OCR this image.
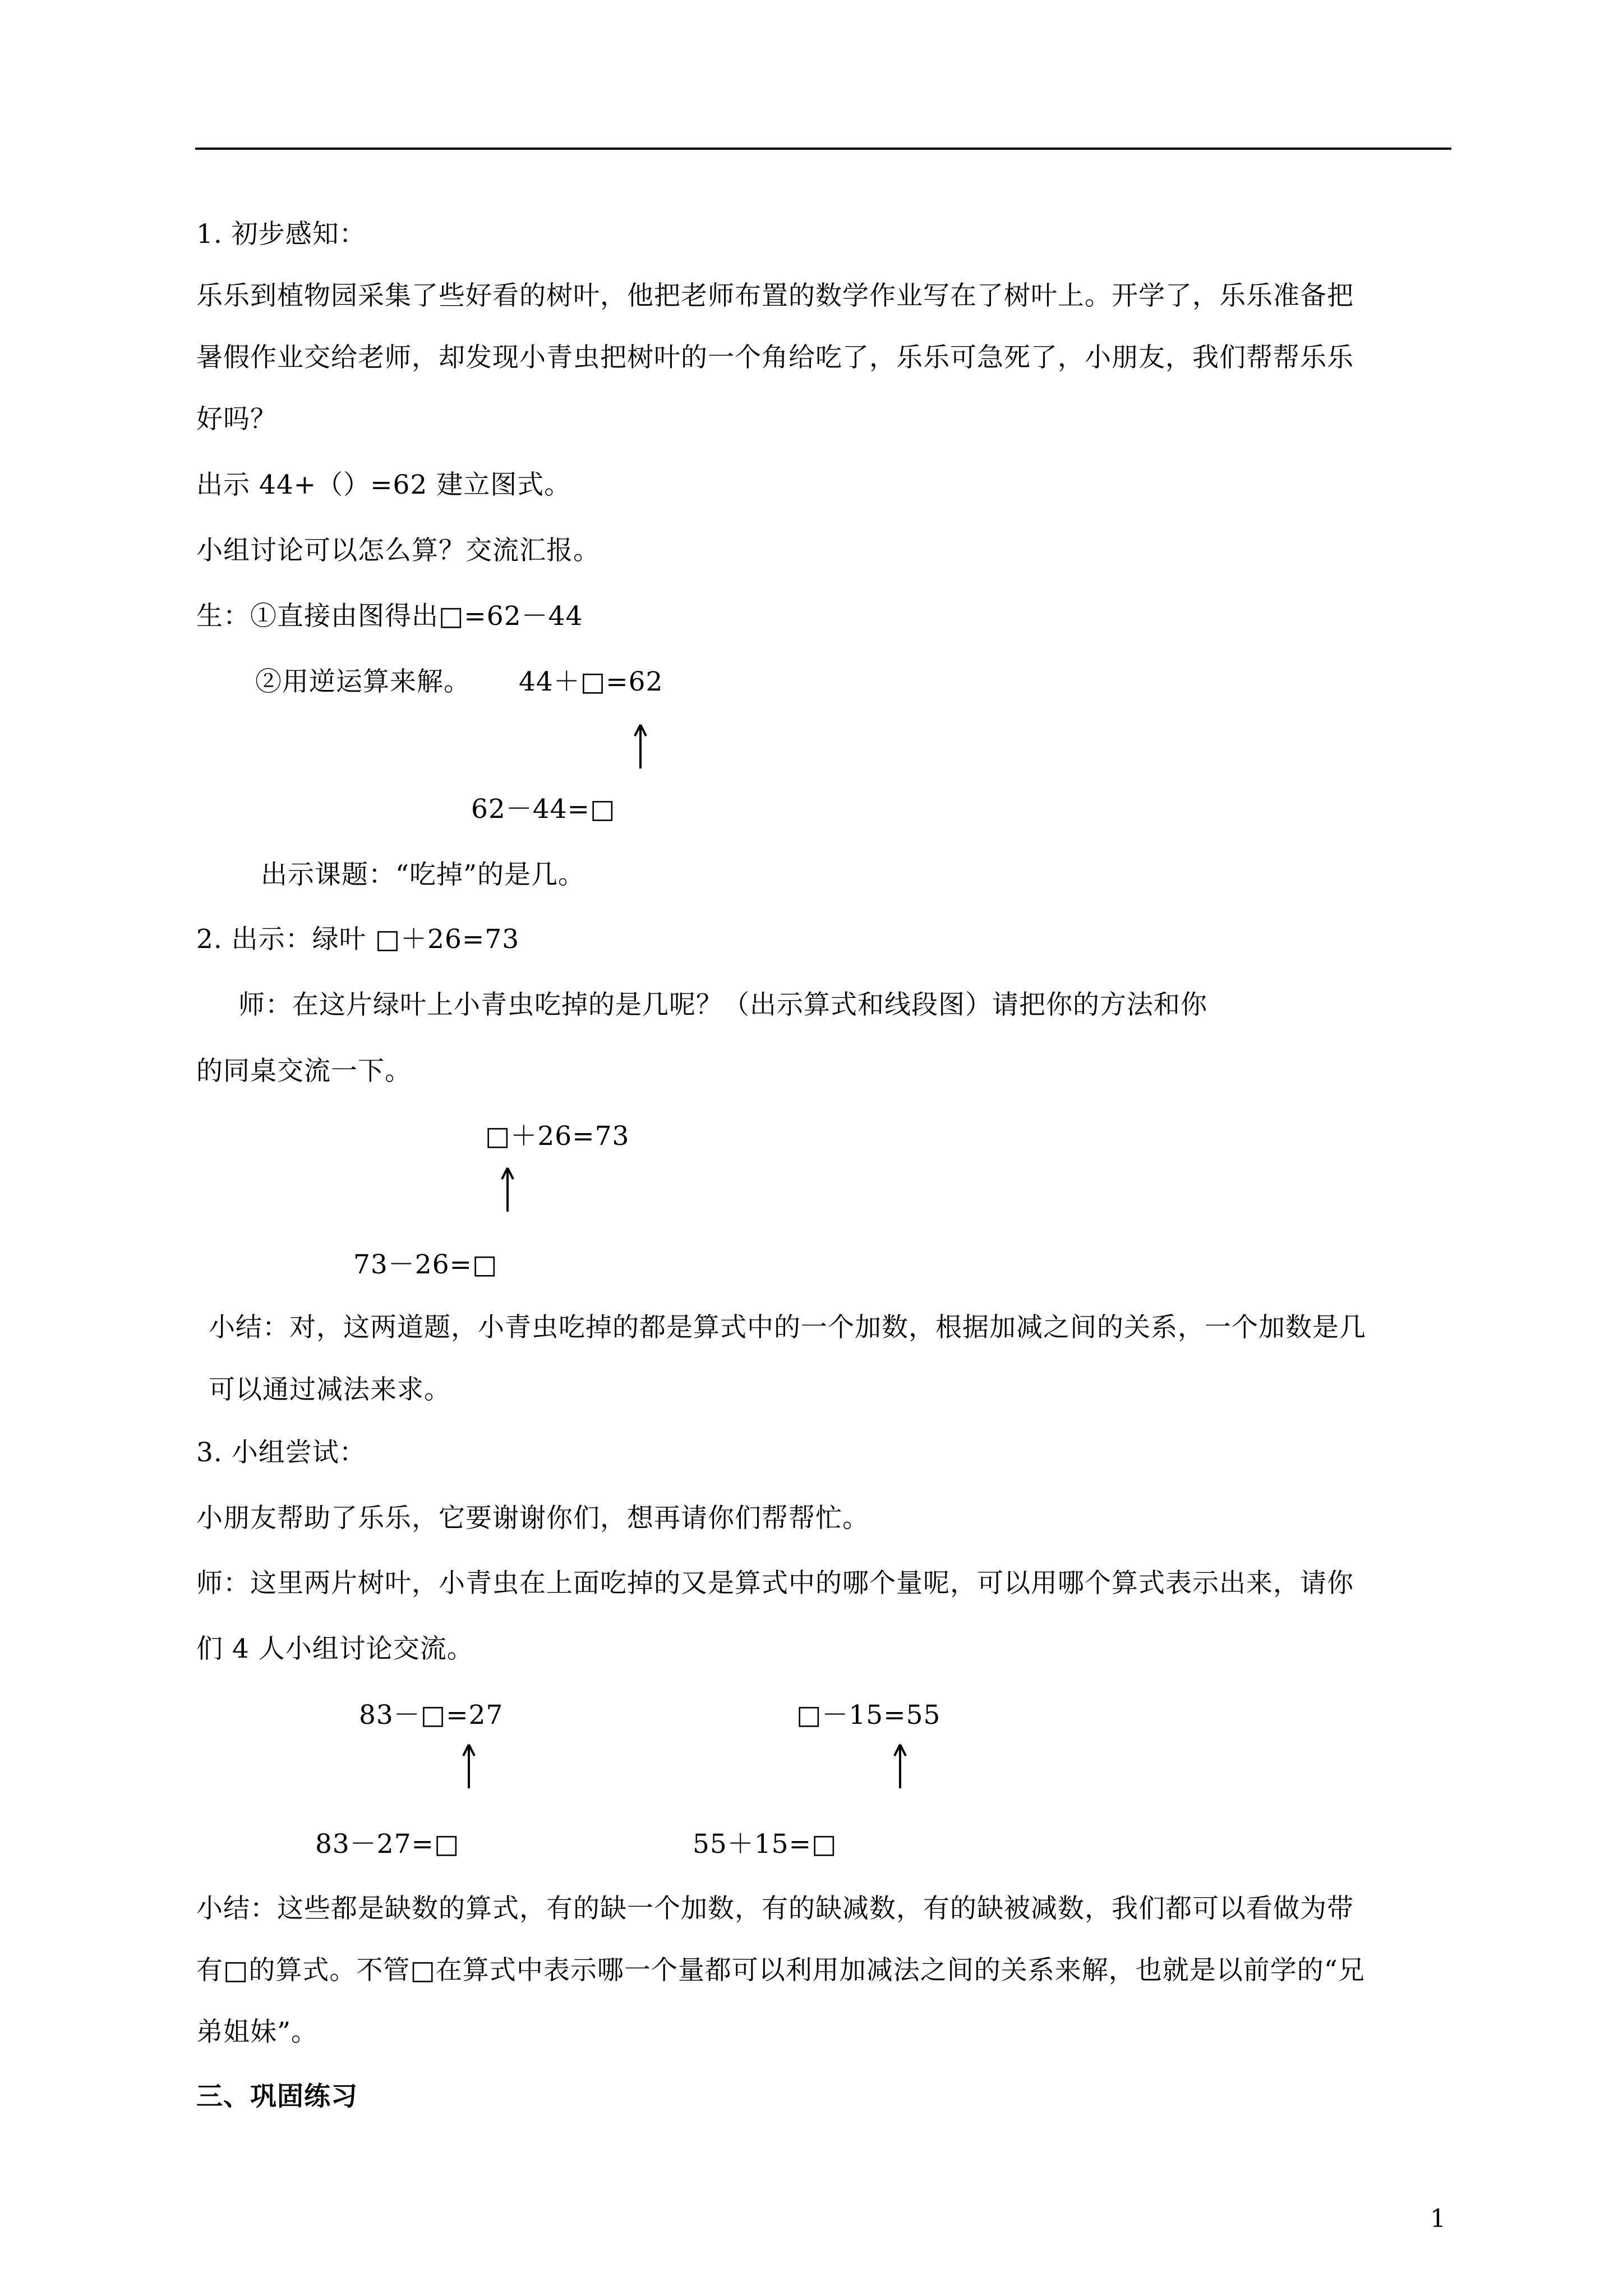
1. 初步感知：
乐乐到植物园采集了些好看的树叶，他把老师布置的数学作业写在了树叶上。开学了，乐乐准备把
暑假作业交给老师，却发现小青虫把树叶的一个角给吃了，乐乐可急死了，小朋友，我们帮帮乐乐
好吗？
出示 44+（）=62 建立图式。
小组讨论可以怎么算？交流汇报。
生：①直接由图得出□=62－44
②用逆运算来解。 44＋□=62
62－44=□
出示课题：“吃掉”的是几。
2. 出示：绿叶 □＋26=73
师：在这片绿叶上小青虫吃掉的是几呢？（出示算式和线段图）请把你的方法和你
的同桌交流一下。
□＋26=73
73－26=□
小结：对，这两道题，小青虫吃掉的都是算式中的一个加数，根据加减之间的关系，一个加数是几
可以通过减法来求。
3. 小组尝试：
小朋友帮助了乐乐，它要谢谢你们，想再请你们帮帮忙。
师：这里两片树叶，小青虫在上面吃掉的又是算式中的哪个量呢，可以用哪个算式表示出来，请你
们 4 人小组讨论交流。
83－□=27	□－15=55
83－27=□	55＋15=□
小结：这些都是缺数的算式，有的缺一个加数，有的缺减数，有的缺被减数，我们都可以看做为带
有□的算式。不管□在算式中表示哪一个量都可以利用加减法之间的关系来解，也就是以前学的“兄
弟姐妹”。
三、巩固练习
1
